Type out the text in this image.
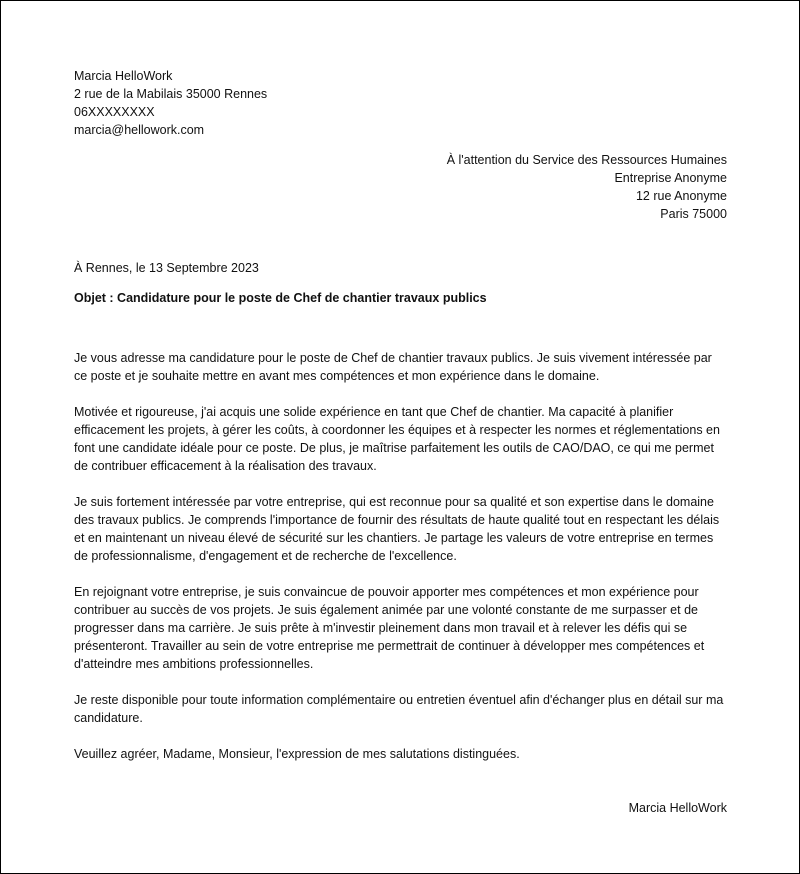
Marcia HelloWork
2 rue de la Mabilais 35000 Rennes
06XXXXXXXX
marcia@hellowork.com
À l'attention du Service des Ressources Humaines
Entreprise Anonyme
12 rue Anonyme
Paris 75000
À Rennes, le 13 Septembre 2023
Objet : Candidature pour le poste de Chef de chantier travaux publics

Je vous adresse ma candidature pour le poste de Chef de chantier travaux publics. Je suis vivement intéressée par ce poste et je souhaite mettre en avant mes compétences et mon expérience dans le domaine.

Motivée et rigoureuse, j'ai acquis une solide expérience en tant que Chef de chantier. Ma capacité à planifier efficacement les projets, à gérer les coûts, à coordonner les équipes et à respecter les normes et réglementations en font une candidate idéale pour ce poste. De plus, je maîtrise parfaitement les outils de CAO/DAO, ce qui me permet de contribuer efficacement à la réalisation des travaux.

Je suis fortement intéressée par votre entreprise, qui est reconnue pour sa qualité et son expertise dans le domaine des travaux publics. Je comprends l'importance de fournir des résultats de haute qualité tout en respectant les délais et en maintenant un niveau élevé de sécurité sur les chantiers. Je partage les valeurs de votre entreprise en termes de professionnalisme, d'engagement et de recherche de l'excellence.

En rejoignant votre entreprise, je suis convaincue de pouvoir apporter mes compétences et mon expérience pour contribuer au succès de vos projets. Je suis également animée par une volonté constante de me surpasser et de progresser dans ma carrière. Je suis prête à m'investir pleinement dans mon travail et à relever les défis qui se présenteront. Travailler au sein de votre entreprise me permettrait de continuer à développer mes compétences et d'atteindre mes ambitions professionnelles.

Je reste disponible pour toute information complémentaire ou entretien éventuel afin d'échanger plus en détail sur ma candidature.

Veuillez agréer, Madame, Monsieur, l'expression de mes salutations distinguées.
Marcia HelloWork
